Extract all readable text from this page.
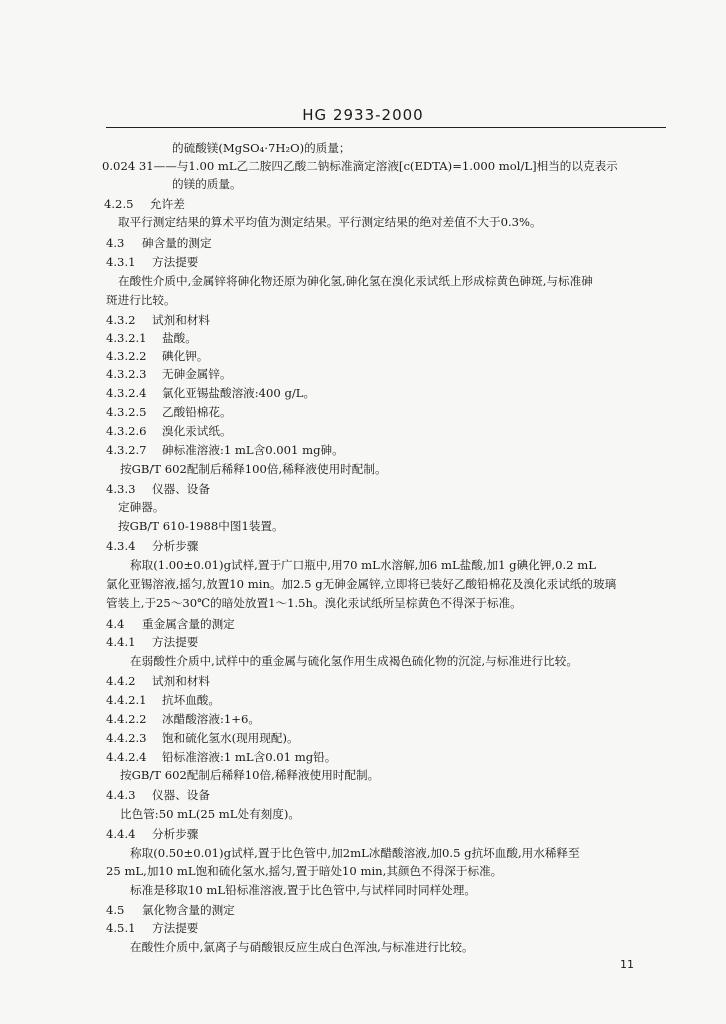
HG 2933-2000
的硫酸镁(MgSO₄·7H₂O)的质量；
0.024 31——与1.00 mL乙二胺四乙酸二钠标准滴定溶液[c(EDTA)=1.000 mol/L]相当的以克表示
的镁的质量。
4.2.5 允许差
取平行测定结果的算术平均值为测定结果。平行测定结果的绝对差值不大于0.3%。
4.3 砷含量的测定
4.3.1 方法提要
在酸性介质中,金属锌将砷化物还原为砷化氢,砷化氢在溴化汞试纸上形成棕黄色砷斑,与标准砷
斑进行比较。
4.3.2 试剂和材料
4.3.2.1 盐酸。
4.3.2.2 碘化钾。
4.3.2.3 无砷金属锌。
4.3.2.4 氯化亚锡盐酸溶液:400 g/L。
4.3.2.5 乙酸铅棉花。
4.3.2.6 溴化汞试纸。
4.3.2.7 砷标准溶液:1 mL含0.001 mg砷。
按GB/T 602配制后稀释100倍,稀释液使用时配制。
4.3.3 仪器、设备
定砷器。
按GB/T 610-1988中图1装置。
4.3.4 分析步骤
称取(1.00±0.01)g试样,置于广口瓶中,用70 mL水溶解,加6 mL盐酸,加1 g碘化钾,0.2 mL
氯化亚锡溶液,摇匀,放置10 min。加2.5 g无砷金属锌,立即将已装好乙酸铅棉花及溴化汞试纸的玻璃
管装上,于25～30℃的暗处放置1～1.5h。溴化汞试纸所呈棕黄色不得深于标准。
4.4 重金属含量的测定
4.4.1 方法提要
在弱酸性介质中,试样中的重金属与硫化氢作用生成褐色硫化物的沉淀,与标准进行比较。
4.4.2 试剂和材料
4.4.2.1 抗坏血酸。
4.4.2.2 冰醋酸溶液:1+6。
4.4.2.3 饱和硫化氢水(现用现配)。
4.4.2.4 铅标准溶液:1 mL含0.01 mg铅。
按GB/T 602配制后稀释10倍,稀释液使用时配制。
4.4.3 仪器、设备
比色管:50 mL(25 mL处有刻度)。
4.4.4 分析步骤
称取(0.50±0.01)g试样,置于比色管中,加2mL冰醋酸溶液,加0.5 g抗坏血酸,用水稀释至
25 mL,加10 mL饱和硫化氢水,摇匀,置于暗处10 min,其颜色不得深于标准。
标准是移取10 mL铅标准溶液,置于比色管中,与试样同时同样处理。
4.5 氯化物含量的测定
4.5.1 方法提要
在酸性介质中,氯离子与硝酸银反应生成白色浑浊,与标准进行比较。
11
